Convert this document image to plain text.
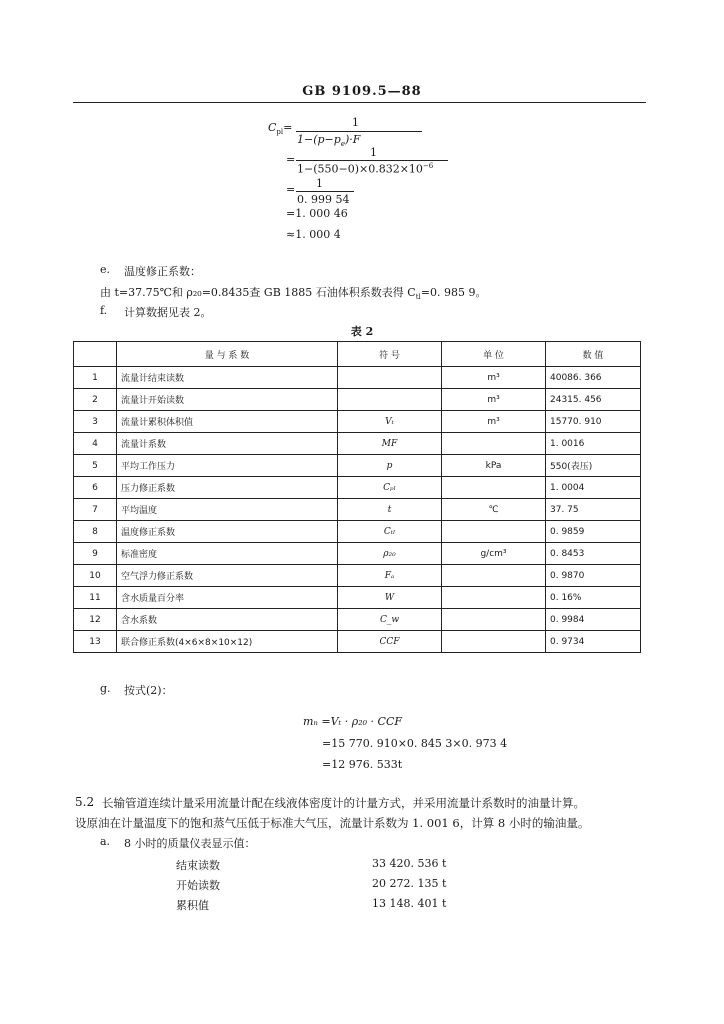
GB 9109.5—88
$C_{pl}=$	1
$1-(p-p_e)\cdot F$
=
1
$1-(550-0)\times 0.832\times 10^{-6}$
= 1
0. 999 54
=1. 000 46
≈1. 000 4
e. 温度修正系数：
由 t=37.75℃和 ρ₂₀=0.8435查 GB 1885 石油体积系数表得 $C_{tl}=0$. 985 9。
f. 计算数据见表 2。
表 2
	量 与 系 数	符 号	单 位	数 值
1	流量计结束读数		m³	40086. 366
2	流量计开始读数		m³	24315. 456
3	流量计累积体积值	Vₜ	m³	15770. 910
4	流量计系数	MF		1. 0016
5	平均工作压力	p	kPa	550(表压)
6	压力修正系数	Cₚₗ		1. 0004
7	平均温度	t	℃	37. 75
8	温度修正系数	Cₜₗ		0. 9859
9	标准密度	ρ₂₀	g/cm³	0. 8453
10	空气浮力修正系数	Fₐ		0. 9870
11	含水质量百分率	W		0. 16%
12	含水系数	C_w		0. 9984
13	联合修正系数(4×6×8×10×12)	CCF		0. 9734
g. 按式(2)：
mₙ =Vₜ · ρ₂₀ · CCF
=15 770. 910×0. 845 3×0. 973 4
=12 976. 533t
5.2 长输管道连续计量采用流量计配在线液体密度计的计量方式，并采用流量计系数时的油量计算。
设原油在计量温度下的饱和蒸气压低于标准大气压，流量计系数为 1. 001 6，计算 8 小时的输油量。
a. 8 小时的质量仪表显示值：
结束读数	33 420. 536 t
开始读数	20 272. 135 t
累积值	13 148. 401 t
